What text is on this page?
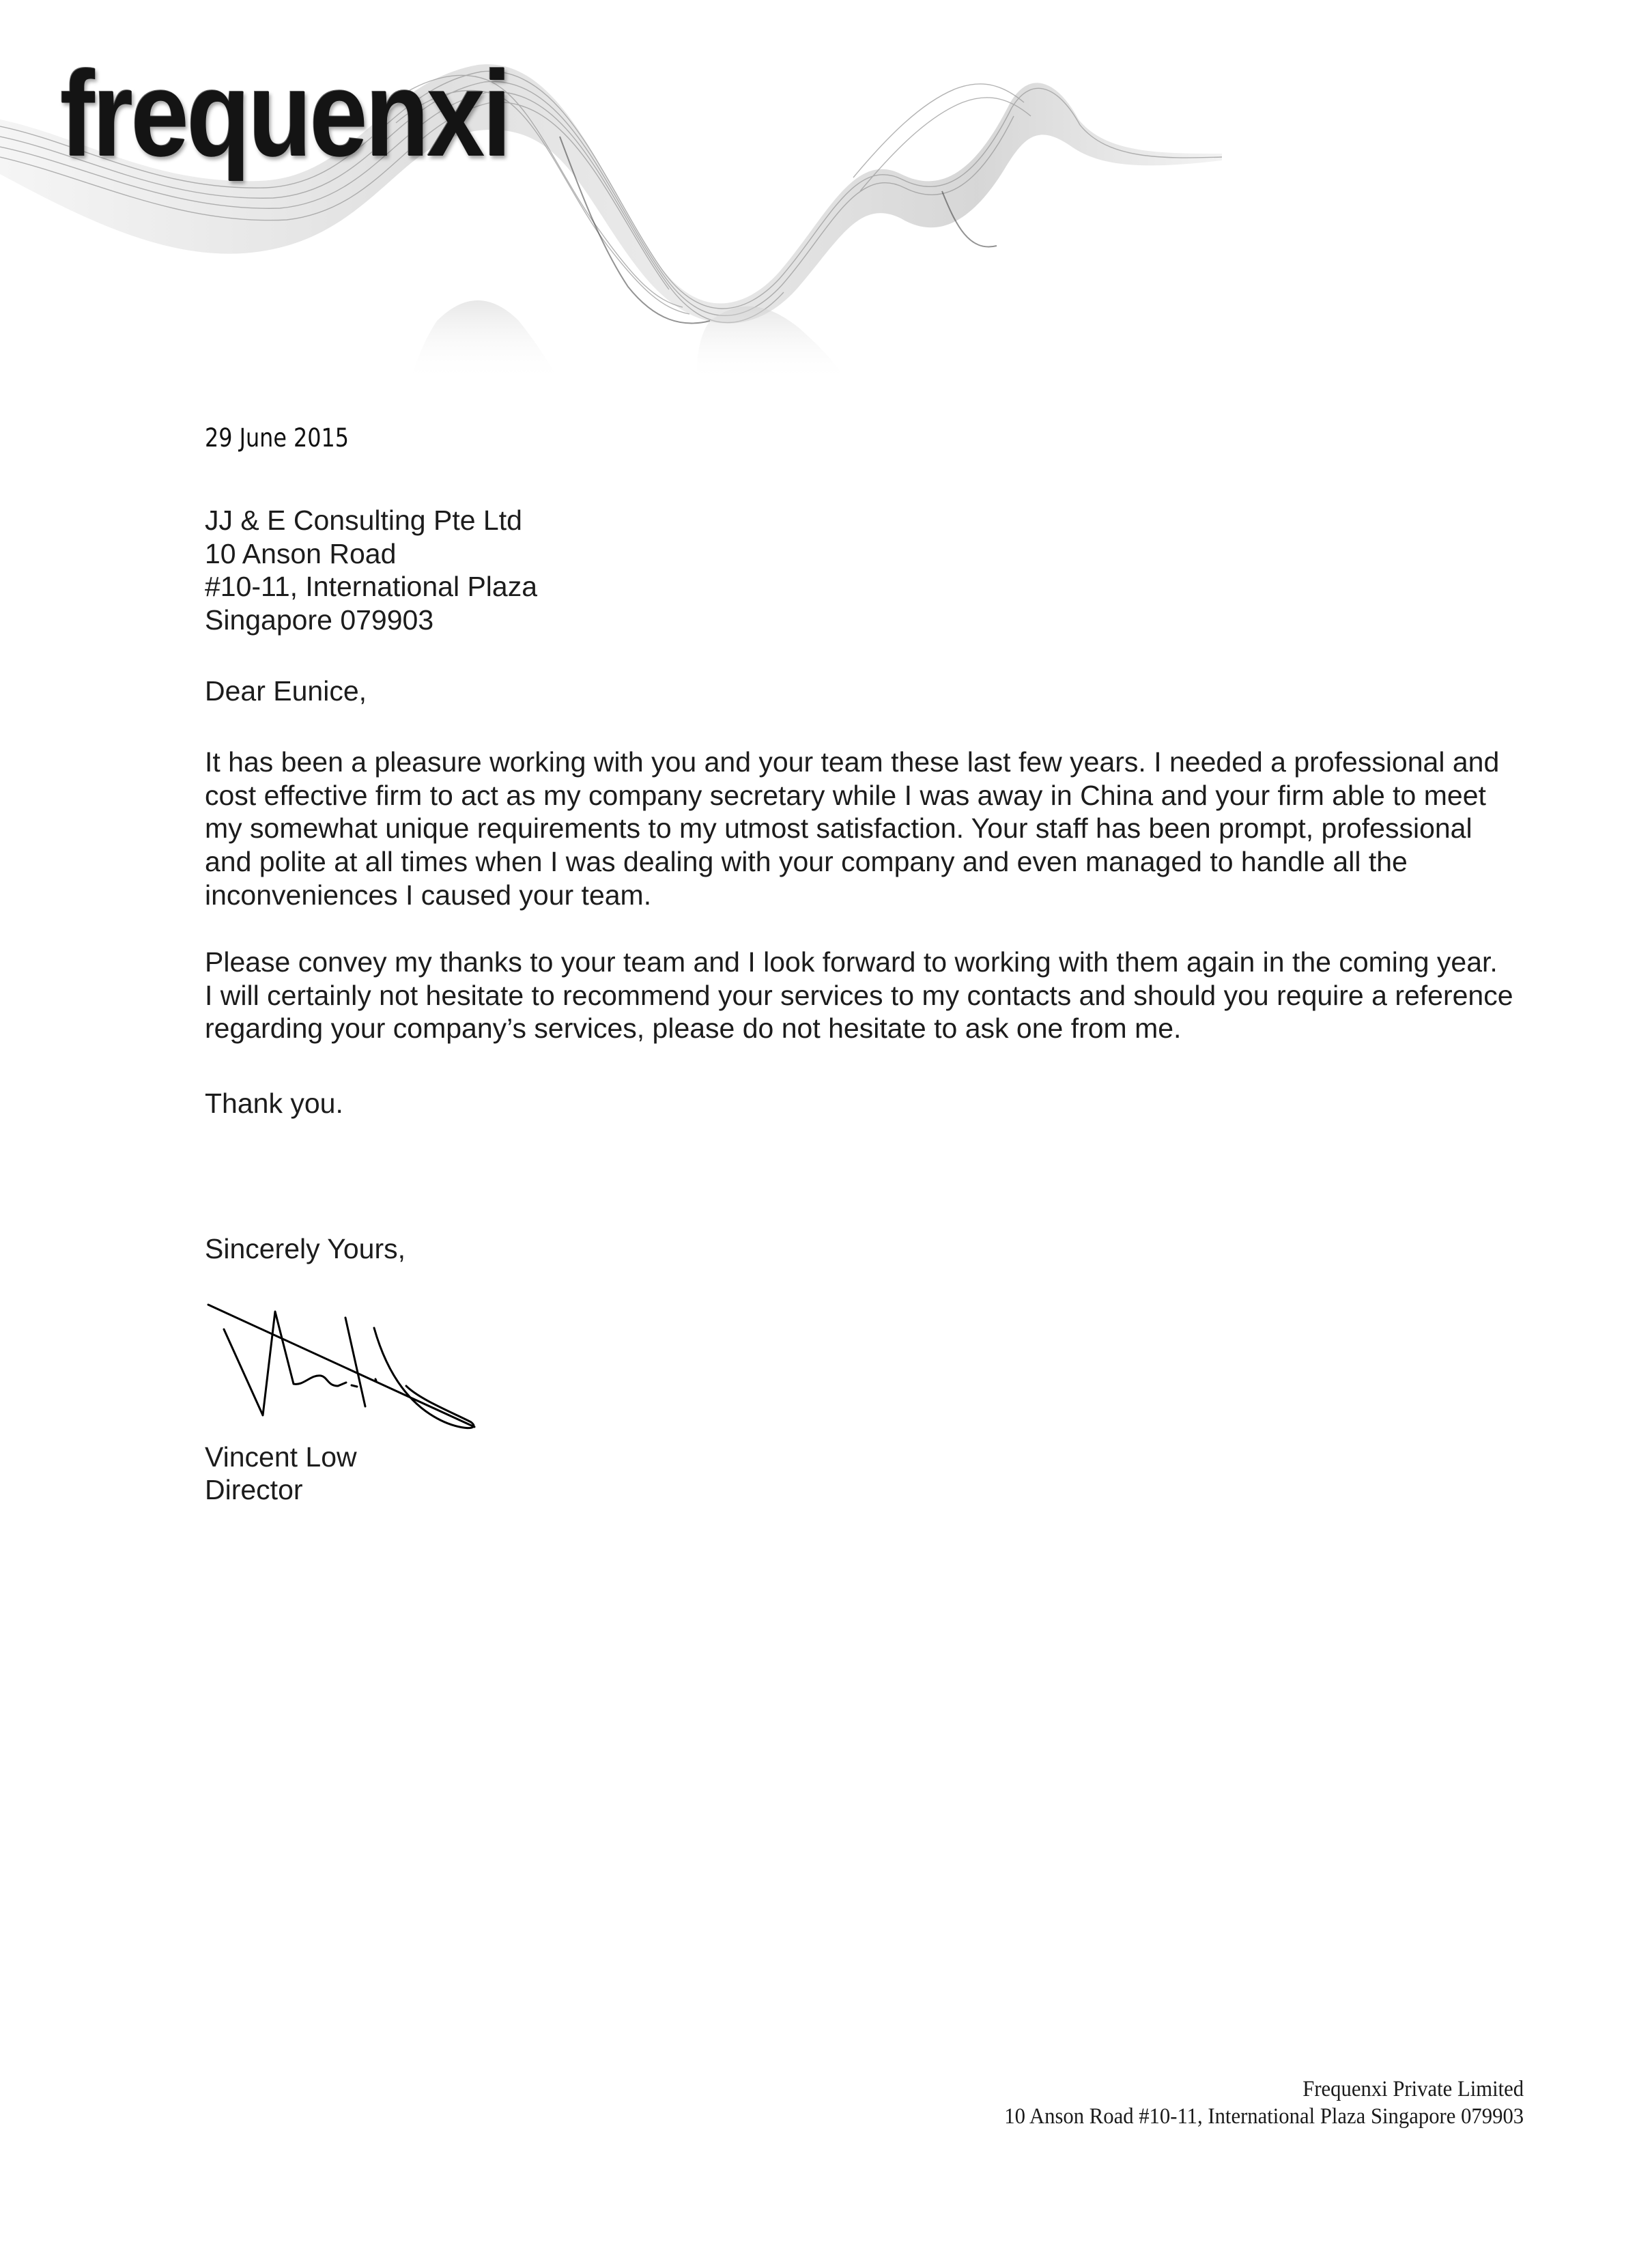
frequenxi
29 June 2015
JJ & E Consulting Pte Ltd
10 Anson Road
#10-11, International Plaza
Singapore 079903
Dear Eunice,
It has been a pleasure working with you and your team these last few years. I needed a professional and
cost effective firm to act as my company secretary while I was away in China and your firm able to meet
my somewhat unique requirements to my utmost satisfaction. Your staff has been prompt, professional
and polite at all times when I was dealing with your company and even managed to handle all the
inconveniences I caused your team.
Please convey my thanks to your team and I look forward to working with them again in the coming year.
I will certainly not hesitate to recommend your services to my contacts and should you require a reference
regarding your company’s services, please do not hesitate to ask one from me.
Thank you.
Sincerely Yours,
Vincent Low
Director
Frequenxi Private Limited
10 Anson Road #10-11, International Plaza Singapore 079903
